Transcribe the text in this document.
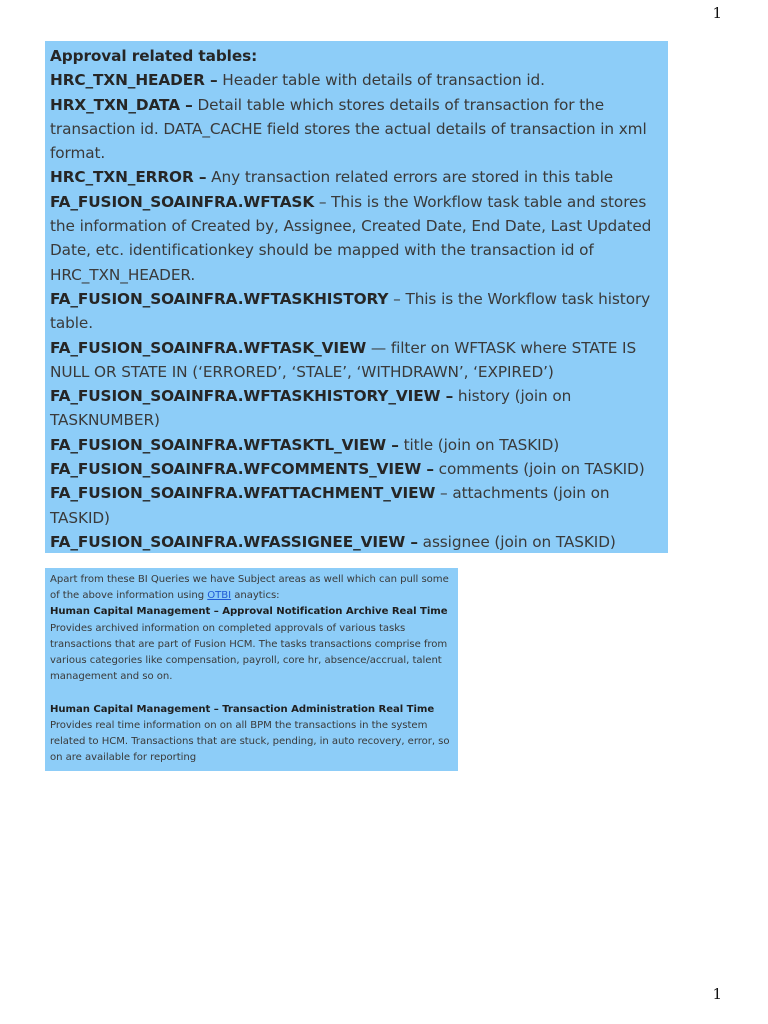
1

Approval related tables:

HRC_TXN_HEADER – Header table with details of transaction id.

HRX_TXN_DATA – Detail table which stores details of transaction for the transaction id. DATA_CACHE field stores the actual details of transaction in xml format.

HRC_TXN_ERROR – Any transaction related errors are stored in this table

FA_FUSION_SOAINFRA.WFTASK – This is the Workflow task table and stores the information of Created by, Assignee, Created Date, End Date, Last Updated Date, etc. identificationkey should be mapped with the transaction id of HRC_TXN_HEADER.

FA_FUSION_SOAINFRA.WFTASKHISTORY – This is the Workflow task history table.

FA_FUSION_SOAINFRA.WFTASK_VIEW — filter on WFTASK where STATE IS NULL OR STATE IN (‘ERRORED’, ‘STALE’, ‘WITHDRAWN’, ‘EXPIRED’)

FA_FUSION_SOAINFRA.WFTASKHISTORY_VIEW – history (join on TASKNUMBER)

FA_FUSION_SOAINFRA.WFTASKTL_VIEW – title (join on TASKID)

FA_FUSION_SOAINFRA.WFCOMMENTS_VIEW – comments (join on TASKID)

FA_FUSION_SOAINFRA.WFATTACHMENT_VIEW – attachments (join on TASKID)

FA_FUSION_SOAINFRA.WFASSIGNEE_VIEW – assignee (join on TASKID)

Apart from these BI Queries we have Subject areas as well which can pull some of the above information using OTBI anaytics:

Human Capital Management – Approval Notification Archive Real Time

Provides archived information on completed approvals of various tasks transactions that are part of Fusion HCM. The tasks transactions comprise from various categories like compensation, payroll, core hr, absence/accrual, talent management and so on.

Human Capital Management – Transaction Administration Real Time

Provides real time information on on all BPM the transactions in the system related to HCM. Transactions that are stuck, pending, in auto recovery, error, so on are available for reporting

1
